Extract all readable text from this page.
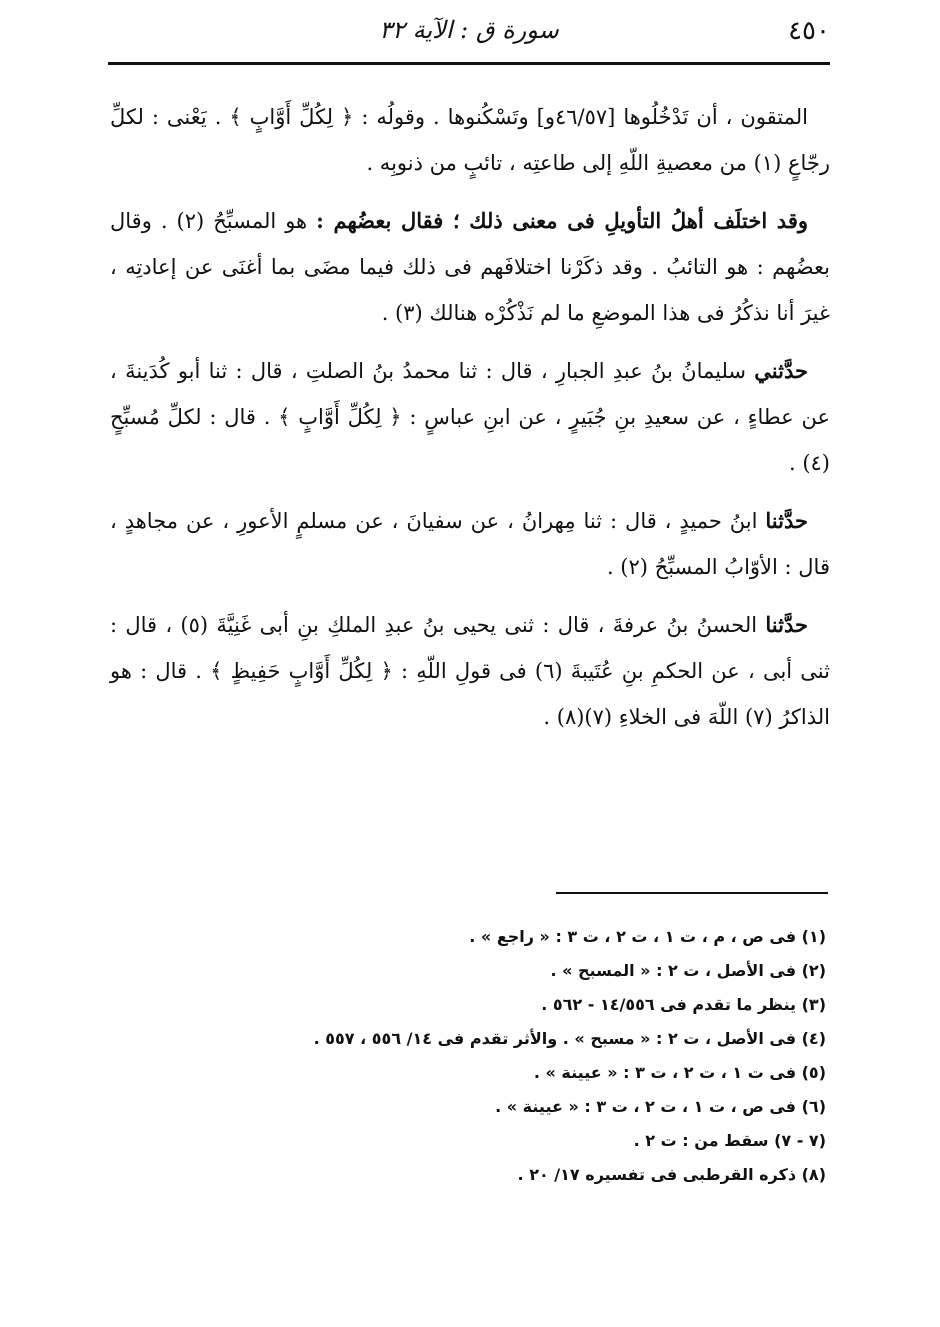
٤٥٠
سورة ق : الآية ٣٢

المتقون ، أن تَدْخُلُوها [٤٦/٥٧و] وتَسْكُنوها . وقولُه : ﴿ لِكُلِّ أَوَّابٍ ﴾ . يَعْنى : لكلِّ رجّاعٍ (١) من معصيةِ اللّهِ إلى طاعتِه ، تائبٍ من ذنوبِه .

وقد اختلَف أهلُ التأويلِ فى معنى ذلك ؛ فقال بعضُهم : هو المسبِّحُ (٢) . وقال بعضُهم : هو التائبُ . وقد ذكَرْنا اختلافَهم فى ذلك فيما مضَى بما أغنَى عن إعادتِه ، غيرَ أنا نذكُرُ فى هذا الموضعِ ما لم نَذْكُرْه هنالك (٣) .

حدَّثني سليمانُ بنُ عبدِ الجبارِ ، قال : ثنا محمدُ بنُ الصلتِ ، قال : ثنا أبو كُدَينةَ ، عن عطاءٍ ، عن سعيدِ بنِ جُبَيرٍ ، عن ابنِ عباسٍ : ﴿ لِكُلِّ أَوَّابٍ ﴾ . قال : لكلِّ مُسبِّحٍ (٤) .

حدَّثنا ابنُ حميدٍ ، قال : ثنا مِهرانُ ، عن سفيانَ ، عن مسلمٍ الأعورِ ، عن مجاهدٍ ، قال : الأوّابُ المسبِّحُ (٢) .

حدَّثنا الحسنُ بنُ عرفةَ ، قال : ثنى يحيى بنُ عبدِ الملكِ بنِ أبى غَنِيَّةَ (٥) ، قال : ثنى أبى ، عن الحكمِ بنِ عُتَيبةَ (٦) فى قولِ اللّهِ : ﴿ لِكُلِّ أَوَّابٍ حَفِيظٍ ﴾ . قال : هو الذاكرُ (٧) اللّهَ فى الخلاءِ (٧)(٨) .

(١) فى ص ، م ، ت ١ ، ت ٢ ، ت ٣ : « راجع » .

(٢) فى الأصل ، ت ٢ : « المسبح » .

(٣) ينظر ما تقدم فى ١٤/٥٥٦ - ٥٦٢ .

(٤) فى الأصل ، ت ٢ : « مسبح » . والأثر تقدم فى ١٤/ ٥٥٦ ، ٥٥٧ .

(٥) فى ت ١ ، ت ٢ ، ت ٣ : « عيينة » .

(٦) فى ص ، ت ١ ، ت ٢ ، ت ٣ : « عيينة » .

(٧ - ٧) سقط من : ت ٢ .

(٨) ذكره القرطبى فى تفسيره ١٧/ ٢٠ .
